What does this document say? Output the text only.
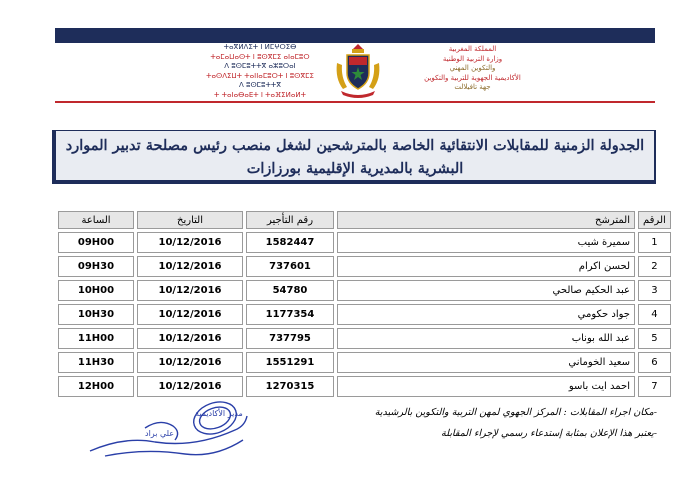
ⵜⴰⴳⵍⴷⵉⵜ ⵏ ⵍⵎⵖⵔⵉⴱ
ⵜⴰⵎⴰⵡⴰⵙⵜ ⵏ ⵓⵙⴳⵎⵉ ⴰⵏⴰⵎⵓⵔ
ⴷ ⵓⵙⵎⵓⵜⵜⴳ ⴰⵣⵓⵔⴰⵏ
ⵜⴰⵙⴷⵉⵡⵜ ⵜⴰⵏⵏⴰⵎⵓⵔⵜ ⵏ ⵓⵙⴳⵎⵉ
ⴷ ⵓⵙⵎⵓⵜⵜⴳ
ⵜ ⵜⴰⵏⴰⴱⴰⴹⵜ ⵏ ⵜⴰⴼⵉⵍⴰⵍⵜ
المملكة المغربية
وزارة التربية الوطنية
والتكوين المهني
الأكاديمية الجهوية للتربية والتكوين
جهة تافيلالت
الجدولة الزمنية للمقابلات الانتقائية الخاصة بالمترشحين لشغل منصب رئيس مصلحة تدبير الموارد البشرية بالمديرية الإقليمية بورزازات
الساعة	التاريخ	رقم التأجير	المترشح	الرقم
09H00	10/12/2016	1582447	سميرة شيب	1
09H30	10/12/2016	737601	لحسن اكرام	2
10H00	10/12/2016	54780	عبد الحكيم صالحي	3
10H30	10/12/2016	1177354	جواد حكومي	4
11H00	10/12/2016	737795	عبد الله بوناب	5
11H30	10/12/2016	1551291	سعيد الخوماني	6
12H00	10/12/2016	1270315	احمد ايت باسو	7
-مكان اجراء المقابلات : المركز الجهوي لمهن التربية والتكوين بالرشيدية
-يعتبر هذا الإعلان بمثابة إستدعاء رسمي لإجراء المقابلة
مدير الأكاديمية
علي براد
